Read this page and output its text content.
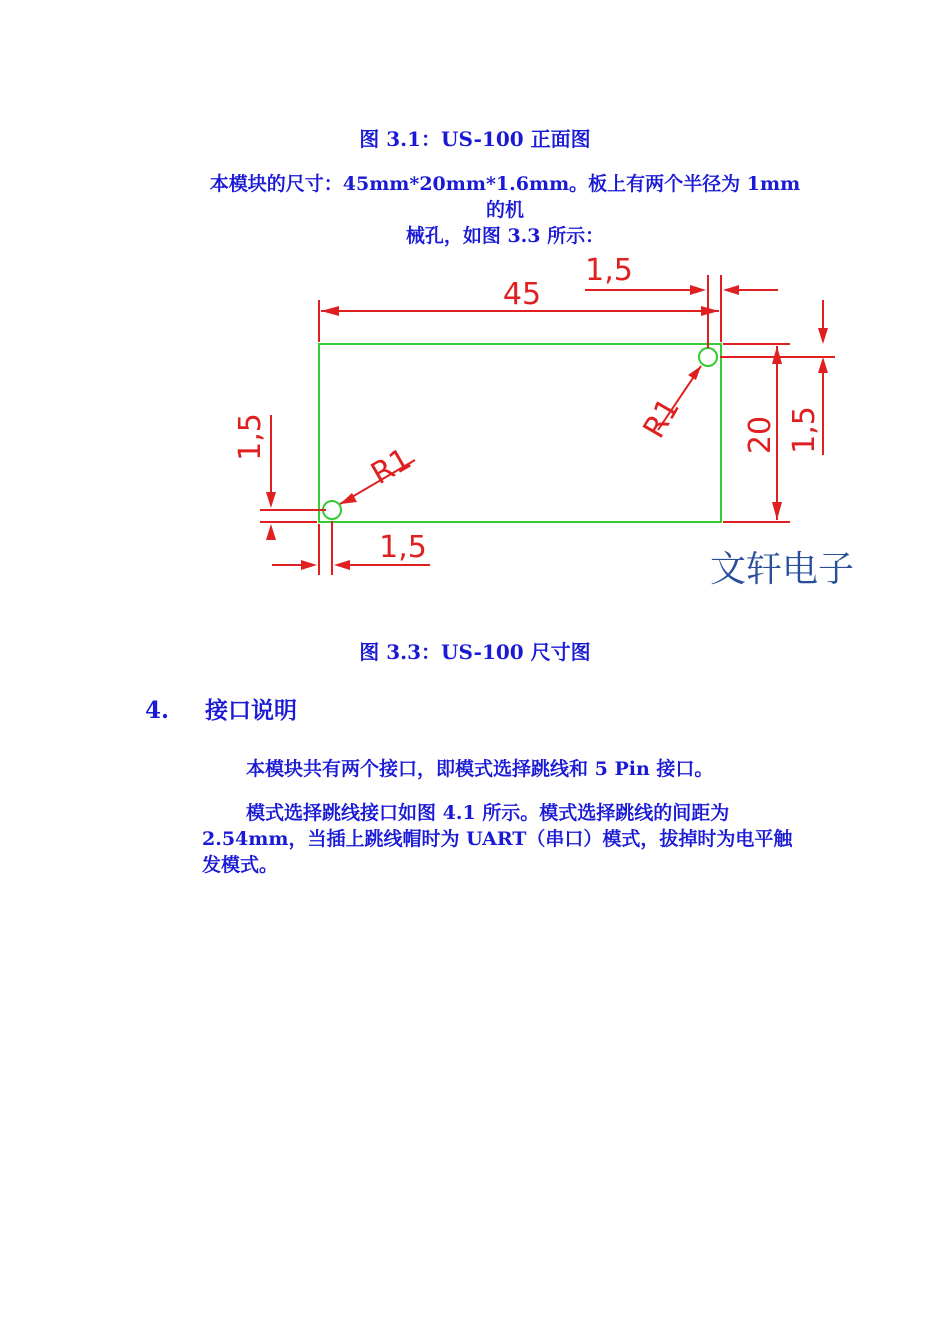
图 3.1：US-100 正面图
本模块的尺寸：45mm*20mm*1.6mm。板上有两个半径为 1mm 的机
械孔，如图 3.3 所示：
45
1,5
1,5
1,5	1,5
20
R1
R1
文轩电子
图 3.3：US-100 尺寸图
4. 接口说明
本模块共有两个接口，即模式选择跳线和 5 Pin 接口。
模式选择跳线接口如图 4.1 所示。模式选择跳线的间距为 2.54mm，当插上跳线帽时为 UART（串口）模式，拔掉时为电平触发模式。
